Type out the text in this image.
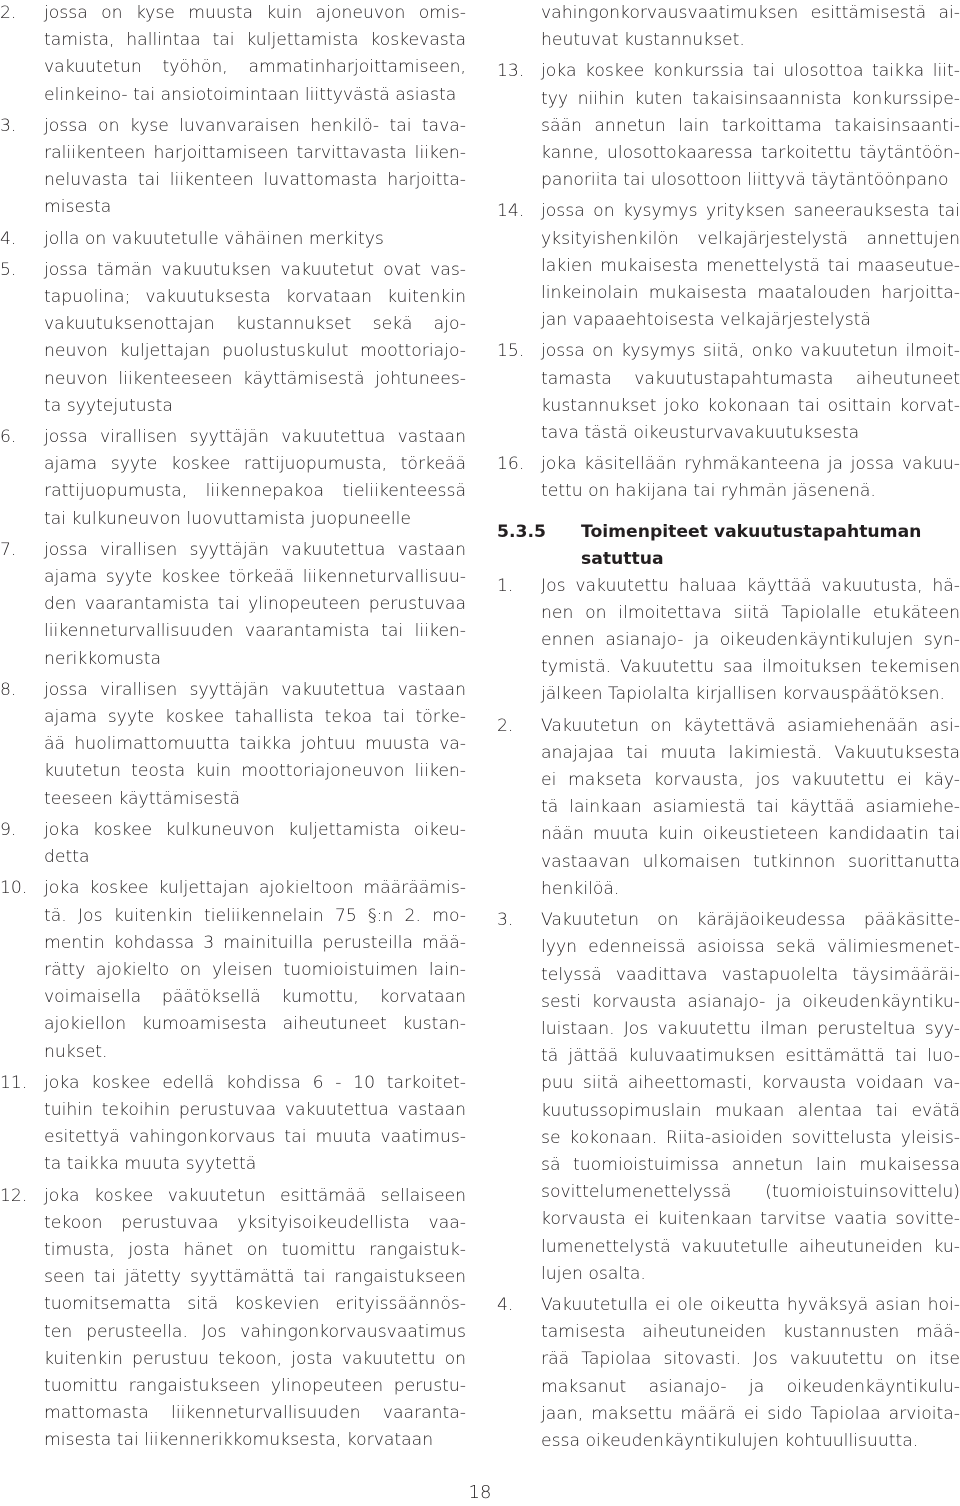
2. jossa on kyse muusta kuin ajoneuvon omis-
tamista, hallintaa tai kuljettamista koskevasta
vakuutetun työhön, ammatinharjoittamiseen,
elinkeino- tai ansiotoimintaan liittyvästä asiasta
3. jossa on kyse luvanvaraisen henkilö- tai tava-
raliikenteen harjoittamiseen tarvittavasta liiken-
neluvasta tai liikenteen luvattomasta harjoitta-
misesta
4. jolla on vakuutetulle vähäinen merkitys
5. jossa tämän vakuutuksen vakuutetut ovat vas-
tapuolina; vakuutuksesta korvataan kuitenkin
vakuutuksenottajan kustannukset sekä ajo-
neuvon kuljettajan puolustuskulut moottoriajo-
neuvon liikenteeseen käyttämisestä johtunees-
ta syytejutusta
6. jossa virallisen syyttäjän vakuutettua vastaan
ajama syyte koskee rattijuopumusta, törkeää
rattijuopumusta, liikennepakoa tieliikenteessä
tai kulkuneuvon luovuttamista juopuneelle
7. jossa virallisen syyttäjän vakuutettua vastaan
ajama syyte koskee törkeää liikenneturvallisuu-
den vaarantamista tai ylinopeuteen perustuvaa
liikenneturvallisuuden vaarantamista tai liiken-
nerikkomusta
8. jossa virallisen syyttäjän vakuutettua vastaan
ajama syyte koskee tahallista tekoa tai törke-
ää huolimattomuutta taikka johtuu muusta va-
kuutetun teosta kuin moottoriajoneuvon liiken-
teeseen käyttämisestä
9. joka koskee kulkuneuvon kuljettamista oikeu-
detta
10. joka koskee kuljettajan ajokieltoon määräämis-
tä. Jos kuitenkin tieliikennelain 75 §:n 2. mo-
mentin kohdassa 3 mainituilla perusteilla mää-
rätty ajokielto on yleisen tuomioistuimen lain-
voimaisella päätöksellä kumottu, korvataan
ajokiellon kumoamisesta aiheutuneet kustan-
nukset.
11. joka koskee edellä kohdissa 6 - 10 tarkoitet-
tuihin tekoihin perustuvaa vakuutettua vastaan
esitettyä vahingonkorvaus tai muuta vaatimus-
ta taikka muuta syytettä
12. joka koskee vakuutetun esittämää sellaiseen
tekoon perustuvaa yksityisoikeudellista vaa-
timusta, josta hänet on tuomittu rangaistuk-
seen tai jätetty syyttämättä tai rangaistukseen
tuomitsematta sitä koskevien erityissäännös-
ten perusteella. Jos vahingonkorvausvaatimus
kuitenkin perustuu tekoon, josta vakuutettu on
tuomittu rangaistukseen ylinopeuteen perustu-
mattomasta liikenneturvallisuuden vaaranta-
misesta tai liikennerikkomuksesta, korvataan
vahingonkorvausvaatimuksen esittämisestä ai-
heutuvat kustannukset.
13. joka koskee konkurssia tai ulosottoa taikka liit-
tyy niihin kuten takaisinsaannista konkurssipe-
sään annetun lain tarkoittama takaisinsaanti-
kanne, ulosottokaaressa tarkoitettu täytäntöön-
panoriita tai ulosottoon liittyvä täytäntöönpano
14. jossa on kysymys yrityksen saneerauksesta tai
yksityishenkilön velkajärjestelystä annettujen
lakien mukaisesta menettelystä tai maaseutue-
linkeinolain mukaisesta maatalouden harjoitta-
jan vapaaehtoisesta velkajärjestelystä
15. jossa on kysymys siitä, onko vakuutetun ilmoit-
tamasta vakuutustapahtumasta aiheutuneet
kustannukset joko kokonaan tai osittain korvat-
tava tästä oikeusturvavakuutuksesta
16. joka käsitellään ryhmäkanteena ja jossa vakuu-
tettu on hakijana tai ryhmän jäsenenä.
5.3.5 Toimenpiteet vakuutustapahtuman
satuttua
1. Jos vakuutettu haluaa käyttää vakuutusta, hä-
nen on ilmoitettava siitä Tapiolalle etukäteen
ennen asianajo- ja oikeudenkäyntikulujen syn-
tymistä. Vakuutettu saa ilmoituksen tekemisen
jälkeen Tapiolalta kirjallisen korvauspäätöksen.
2. Vakuutetun on käytettävä asiamiehenään asi-
anajajaa tai muuta lakimiestä. Vakuutuksesta
ei makseta korvausta, jos vakuutettu ei käy-
tä lainkaan asiamiestä tai käyttää asiamiehe-
nään muuta kuin oikeustieteen kandidaatin tai
vastaavan ulkomaisen tutkinnon suorittanutta
henkilöä.
3. Vakuutetun on käräjäoikeudessa pääkäsitte-
lyyn edenneissä asioissa sekä välimiesmenet-
telyssä vaadittava vastapuolelta täysimääräi-
sesti korvausta asianajo- ja oikeudenkäyntiku-
luistaan. Jos vakuutettu ilman perusteltua syy-
tä jättää kuluvaatimuksen esittämättä tai luo-
puu siitä aiheettomasti, korvausta voidaan va-
kuutussopimuslain mukaan alentaa tai evätä
se kokonaan. Riita-asioiden sovittelusta yleisis-
sä tuomioistuimissa annetun lain mukaisessa
sovittelumenettelyssä (tuomioistuinsovittelu)
korvausta ei kuitenkaan tarvitse vaatia sovitte-
lumenettelystä vakuutetulle aiheutuneiden ku-
lujen osalta.
4. Vakuutetulla ei ole oikeutta hyväksyä asian hoi-
tamisesta aiheutuneiden kustannusten mää-
rää Tapiolaa sitovasti. Jos vakuutettu on itse
maksanut asianajo- ja oikeudenkäyntikulu-
jaan, maksettu määrä ei sido Tapiolaa arvioita-
essa oikeudenkäyntikulujen kohtuullisuutta.
18
